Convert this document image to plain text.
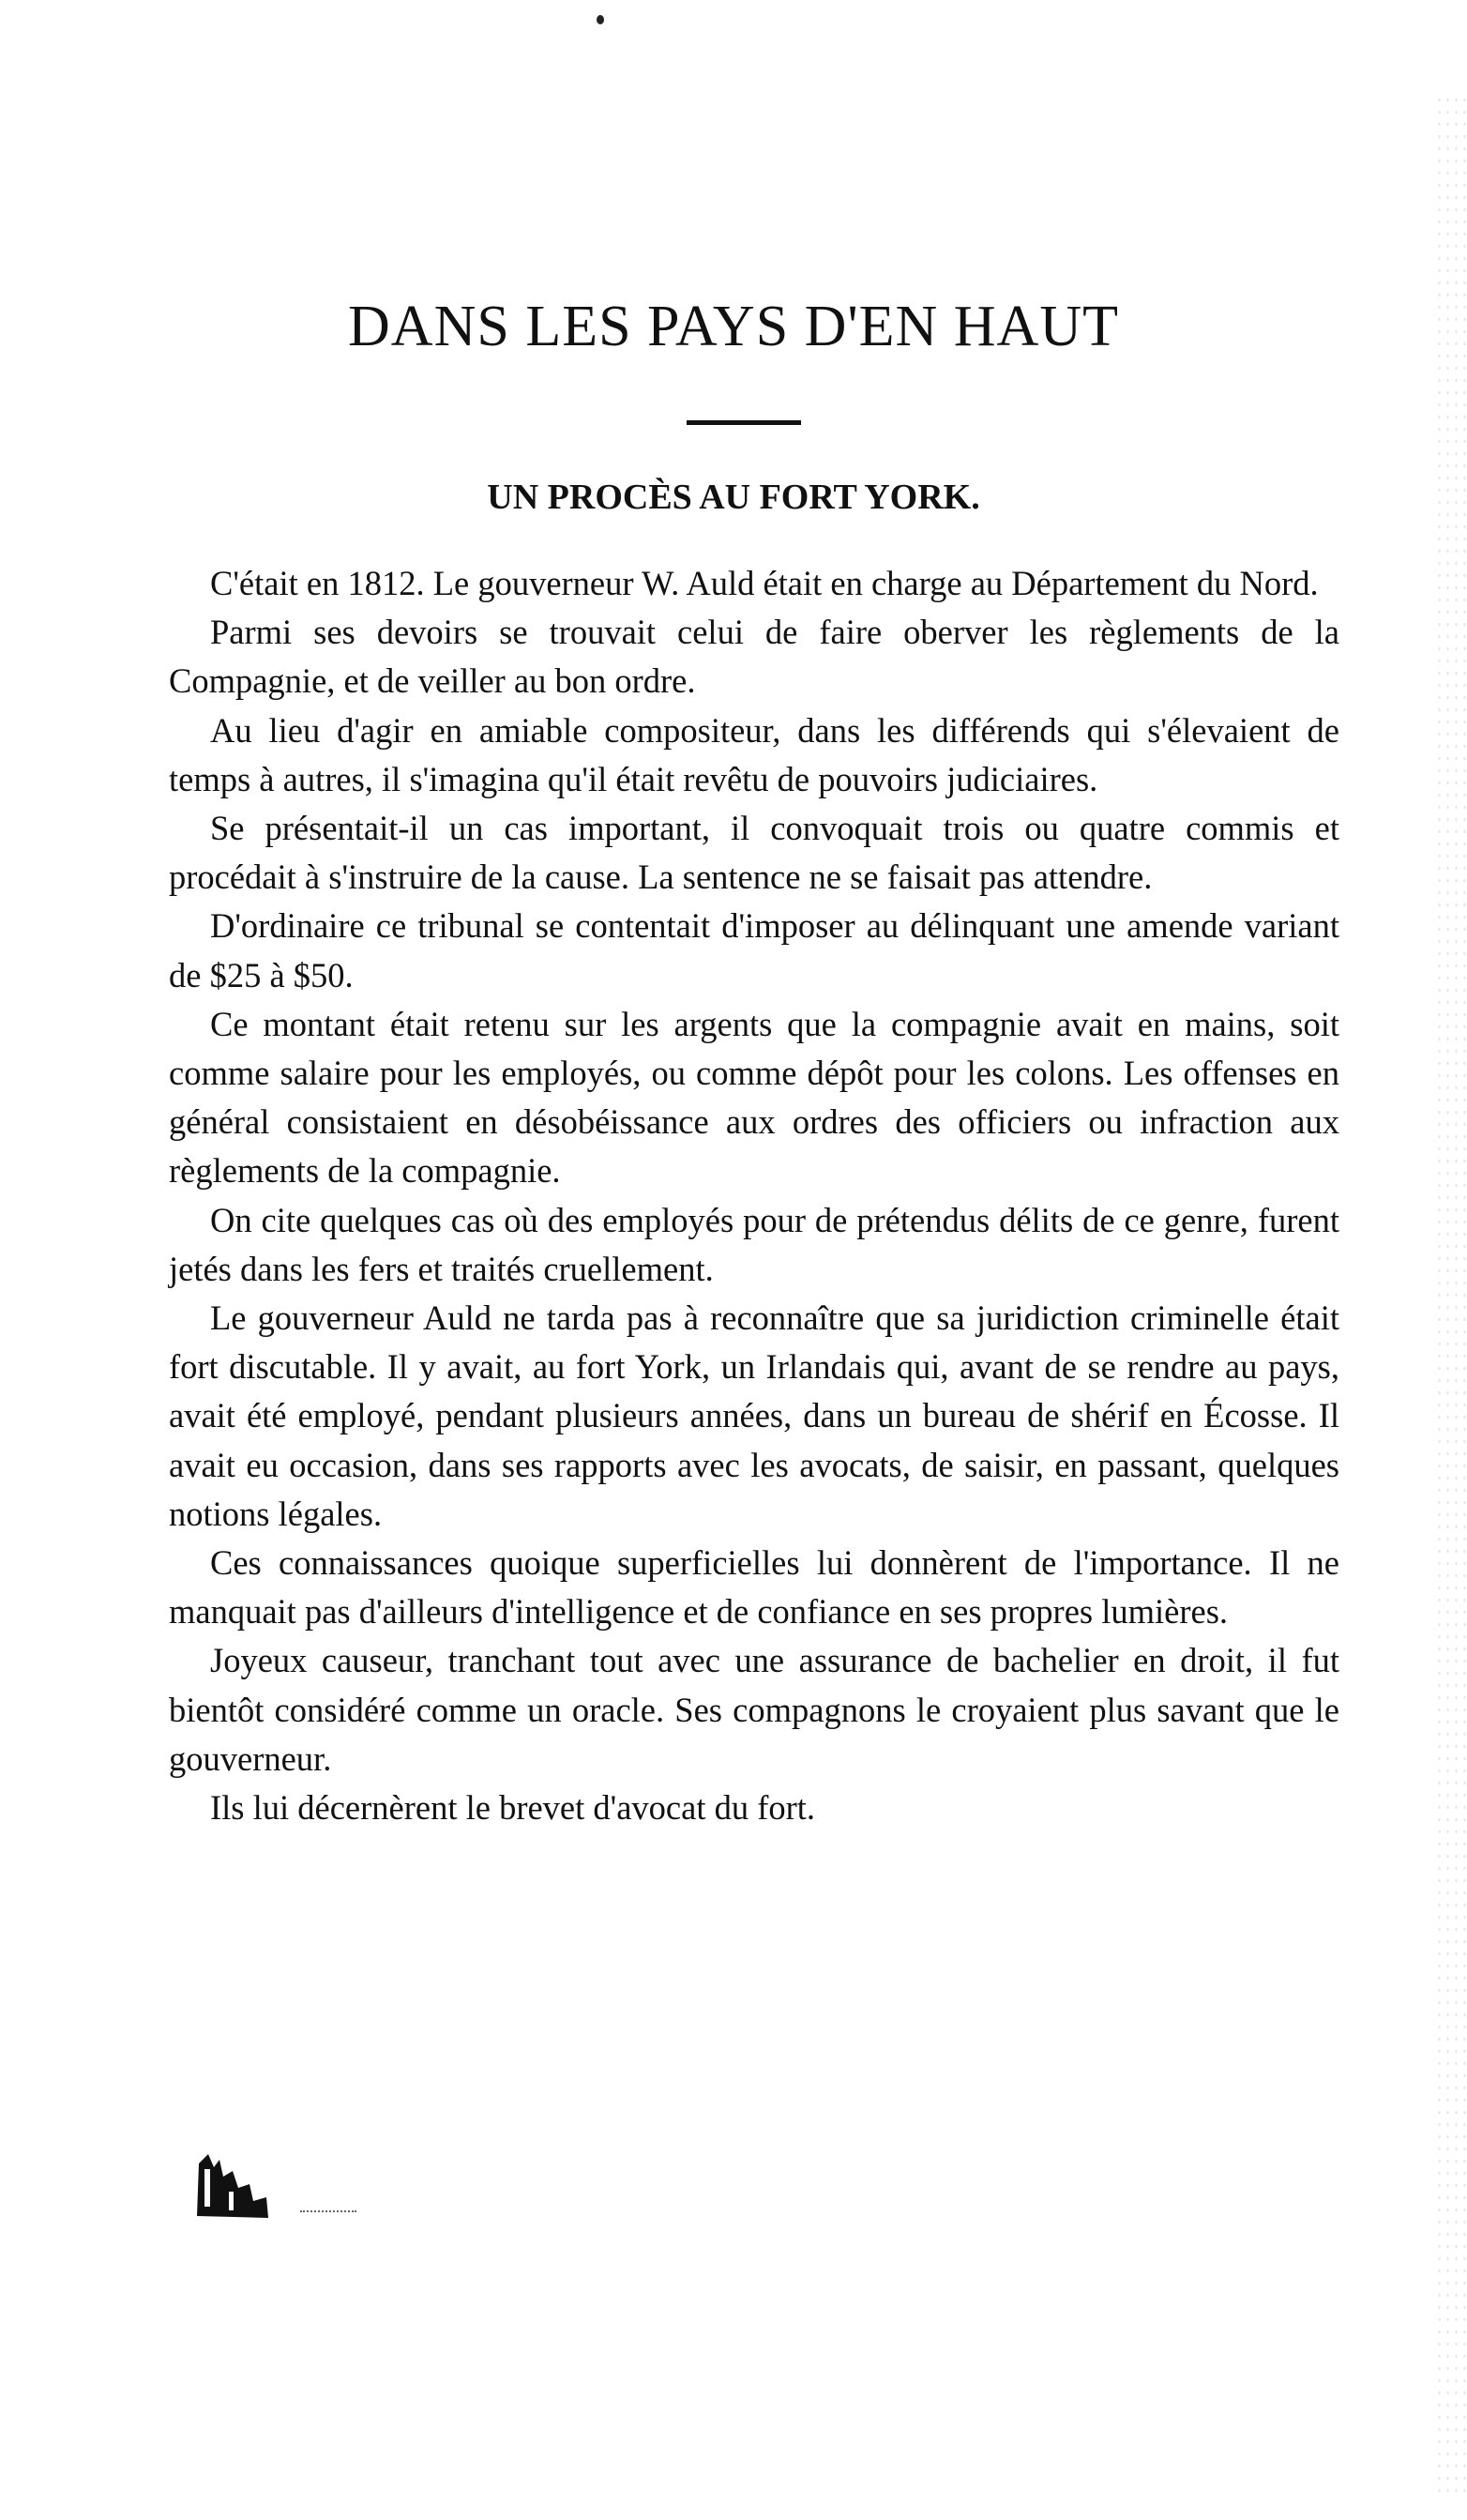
DANS LES PAYS D'EN HAUT
UN PROCÈS AU FORT YORK.

C'était en 1812. Le gouverneur W. Auld était en charge au Département du Nord.

Parmi ses devoirs se trouvait celui de faire oberver les règlements de la Compagnie, et de veiller au bon ordre.

Au lieu d'agir en amiable compositeur, dans les différends qui s'élevaient de temps à autres, il s'imagina qu'il était revêtu de pouvoirs judiciaires.

Se présentait-il un cas important, il convoquait trois ou quatre commis et procédait à s'instruire de la cause. La sentence ne se faisait pas attendre.

D'ordinaire ce tribunal se contentait d'imposer au délinquant une amende variant de $25 à $50.

Ce montant était retenu sur les argents que la compagnie avait en mains, soit comme salaire pour les employés, ou comme dépôt pour les colons. Les offenses en général consistaient en désobéissance aux ordres des officiers ou infraction aux règlements de la compagnie.

On cite quelques cas où des employés pour de prétendus délits de ce genre, furent jetés dans les fers et traités cruellement.

Le gouverneur Auld ne tarda pas à reconnaître que sa juridiction criminelle était fort discutable. Il y avait, au fort York, un Irlandais qui, avant de se rendre au pays, avait été employé, pendant plusieurs années, dans un bureau de shérif en Écosse. Il avait eu occasion, dans ses rapports avec les avocats, de saisir, en passant, quelques notions légales.

Ces connaissances quoique superficielles lui donnèrent de l'importance. Il ne manquait pas d'ailleurs d'intelligence et de confiance en ses propres lumières.

Joyeux causeur, tranchant tout avec une assurance de bachelier en droit, il fut bientôt considéré comme un oracle. Ses compagnons le croyaient plus savant que le gouverneur.

Ils lui décernèrent le brevet d'avocat du fort.
